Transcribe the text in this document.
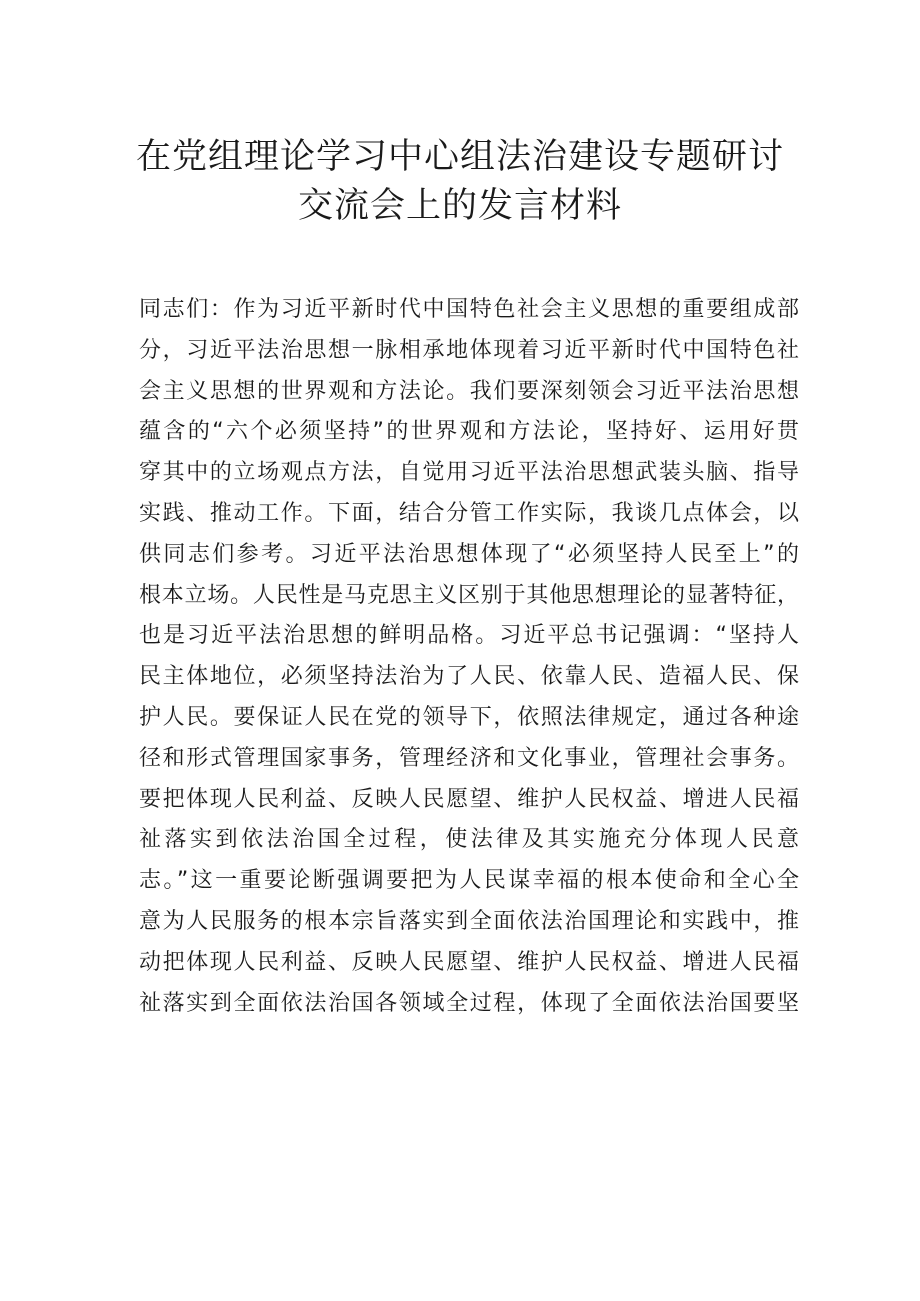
在党组理论学习中心组法治建设专题研讨
交流会上的发言材料
同志们：作为习近平新时代中国特色社会主义思想的重要组成部
分，习近平法治思想一脉相承地体现着习近平新时代中国特色社
会主义思想的世界观和方法论。我们要深刻领会习近平法治思想
蕴含的“六个必须坚持”的世界观和方法论，坚持好、运用好贯
穿其中的立场观点方法，自觉用习近平法治思想武装头脑、指导
实践、推动工作。下面，结合分管工作实际，我谈几点体会，以
供同志们参考。习近平法治思想体现了“必须坚持人民至上”的
根本立场。人民性是马克思主义区别于其他思想理论的显著特征，
也是习近平法治思想的鲜明品格。习近平总书记强调：“坚持人
民主体地位，必须坚持法治为了人民、依靠人民、造福人民、保
护人民。要保证人民在党的领导下，依照法律规定，通过各种途
径和形式管理国家事务，管理经济和文化事业，管理社会事务。
要把体现人民利益、反映人民愿望、维护人民权益、增进人民福
祉落实到依法治国全过程，使法律及其实施充分体现人民意
志。”这一重要论断强调要把为人民谋幸福的根本使命和全心全
意为人民服务的根本宗旨落实到全面依法治国理论和实践中，推
动把体现人民利益、反映人民愿望、维护人民权益、增进人民福
祉落实到全面依法治国各领域全过程，体现了全面依法治国要坚
